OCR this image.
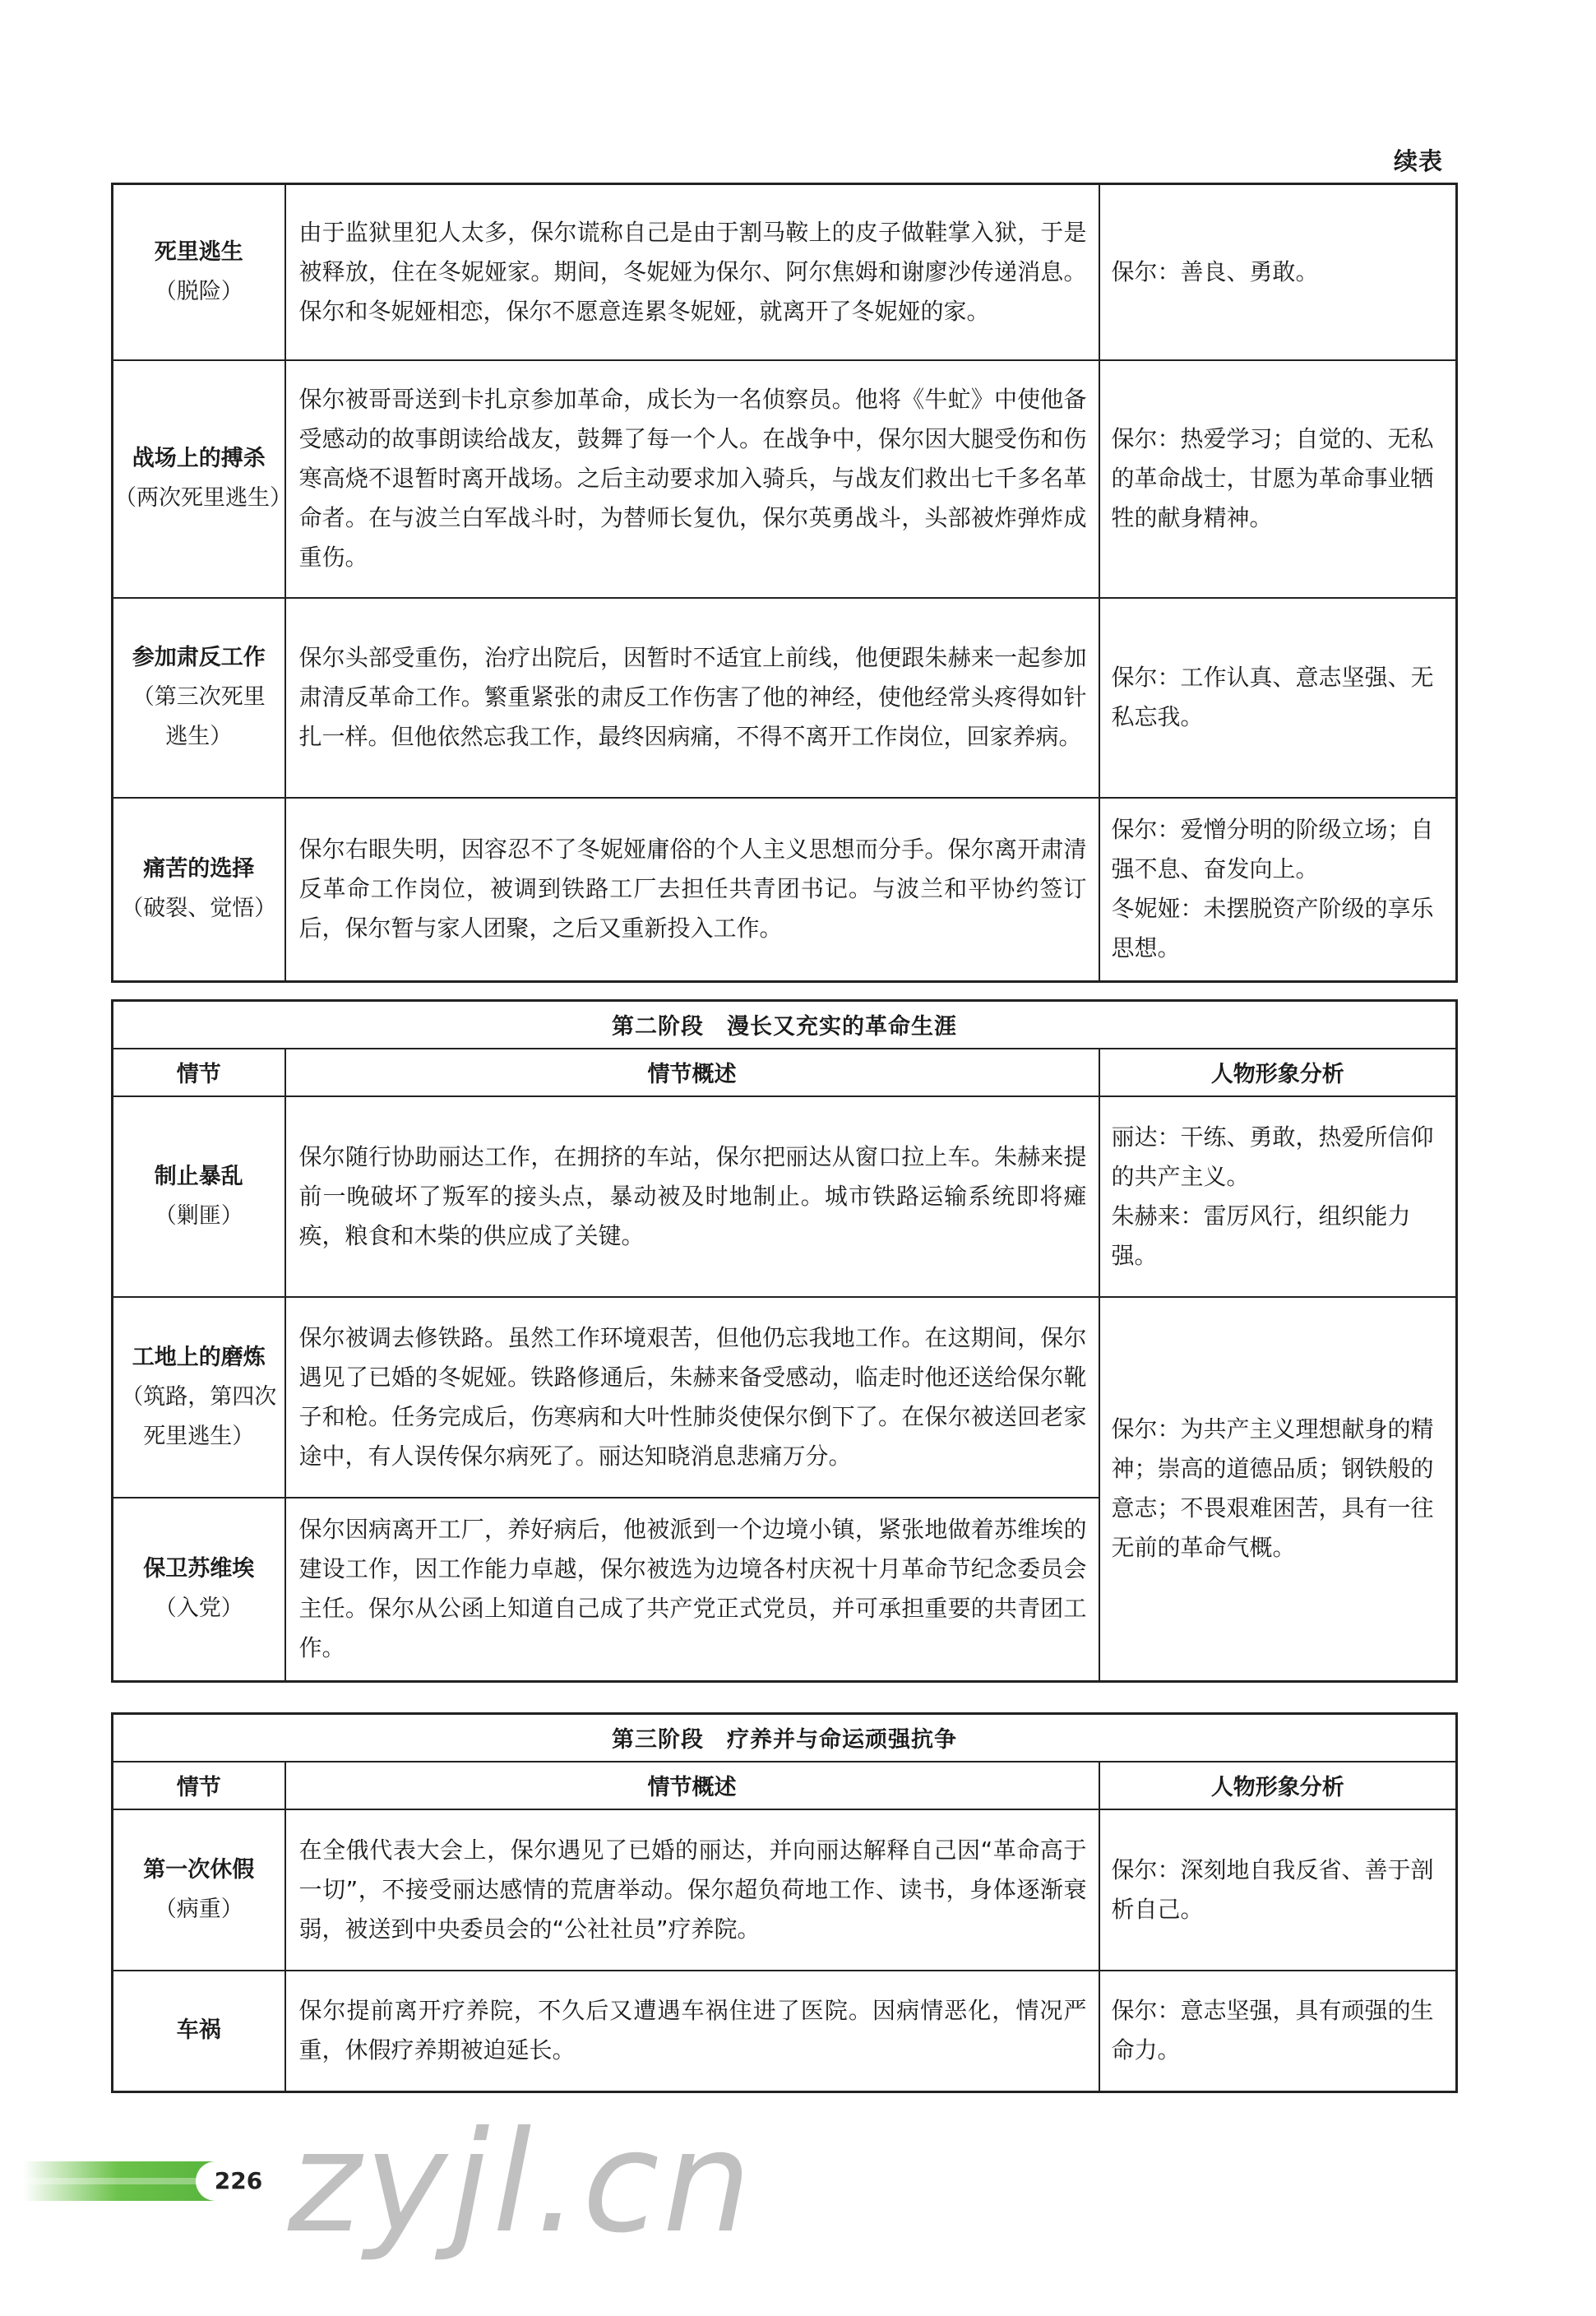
续表
死里逃生
（脱险）	由于监狱里犯人太多，保尔谎称自己是由于割马鞍上的皮子做鞋掌入狱，于是被释放，住在冬妮娅家。期间，冬妮娅为保尔、阿尔焦姆和谢廖沙传递消息。保尔和冬妮娅相恋，保尔不愿意连累冬妮娅，就离开了冬妮娅的家。	保尔：善良、勇敢。

战场上的搏杀
（两次死里逃生）	保尔被哥哥送到卡扎京参加革命，成长为一名侦察员。他将《牛虻》中使他备受感动的故事朗读给战友，鼓舞了每一个人。在战争中，保尔因大腿受伤和伤寒高烧不退暂时离开战场。之后主动要求加入骑兵，与战友们救出七千多名革命者。在与波兰白军战斗时，为替师长复仇，保尔英勇战斗，头部被炸弹炸成重伤。	保尔：热爱学习；自觉的、无私的革命战士，甘愿为革命事业牺牲的献身精神。

参加肃反工作
（第三次死里
逃生）	保尔头部受重伤，治疗出院后，因暂时不适宜上前线，他便跟朱赫来一起参加肃清反革命工作。繁重紧张的肃反工作伤害了他的神经，使他经常头疼得如针扎一样。但他依然忘我工作，最终因病痛，不得不离开工作岗位，回家养病。	保尔：工作认真、意志坚强、无私忘我。

痛苦的选择
（破裂、觉悟）	保尔右眼失明，因容忍不了冬妮娅庸俗的个人主义思想而分手。保尔离开肃清反革命工作岗位，被调到铁路工厂去担任共青团书记。与波兰和平协约签订后，保尔暂与家人团聚，之后又重新投入工作。	保尔：爱憎分明的阶级立场；自强不息、奋发向上。
冬妮娅：未摆脱资产阶级的享乐思想。
第二阶段　漫长又充实的革命生涯		
情节	情节概述	人物形象分析

制止暴乱
（剿匪）	保尔随行协助丽达工作，在拥挤的车站，保尔把丽达从窗口拉上车。朱赫来提前一晚破坏了叛军的接头点，暴动被及时地制止。城市铁路运输系统即将瘫痪，粮食和木柴的供应成了关键。	丽达：干练、勇敢，热爱所信仰的共产主义。
朱赫来：雷厉风行，组织能力强。

工地上的磨炼
（筑路，第四次
死里逃生）	保尔被调去修铁路。虽然工作环境艰苦，但他仍忘我地工作。在这期间，保尔遇见了已婚的冬妮娅。铁路修通后，朱赫来备受感动，临走时他还送给保尔靴子和枪。任务完成后，伤寒病和大叶性肺炎使保尔倒下了。在保尔被送回老家途中，有人误传保尔病死了。丽达知晓消息悲痛万分。	保尔：为共产主义理想献身的精神；崇高的道德品质；钢铁般的意志；不畏艰难困苦，具有一往无前的革命气概。

保卫苏维埃
（入党）	保尔因病离开工厂，养好病后，他被派到一个边境小镇，紧张地做着苏维埃的建设工作，因工作能力卓越，保尔被选为边境各村庆祝十月革命节纪念委员会主任。保尔从公函上知道自己成了共产党正式党员，并可承担重要的共青团工作。	
第三阶段　疗养并与命运顽强抗争		
情节	情节概述	人物形象分析

第一次休假
（病重）	在全俄代表大会上，保尔遇见了已婚的丽达，并向丽达解释自己因“革命高于一切”，不接受丽达感情的荒唐举动。保尔超负荷地工作、读书，身体逐渐衰弱，被送到中央委员会的“公社社员”疗养院。	保尔：深刻地自我反省、善于剖析自己。

车祸	保尔提前离开疗养院，不久后又遭遇车祸住进了医院。因病情恶化，情况严重，休假疗养期被迫延长。	保尔：意志坚强，具有顽强的生命力。
226 zyjl.cn
